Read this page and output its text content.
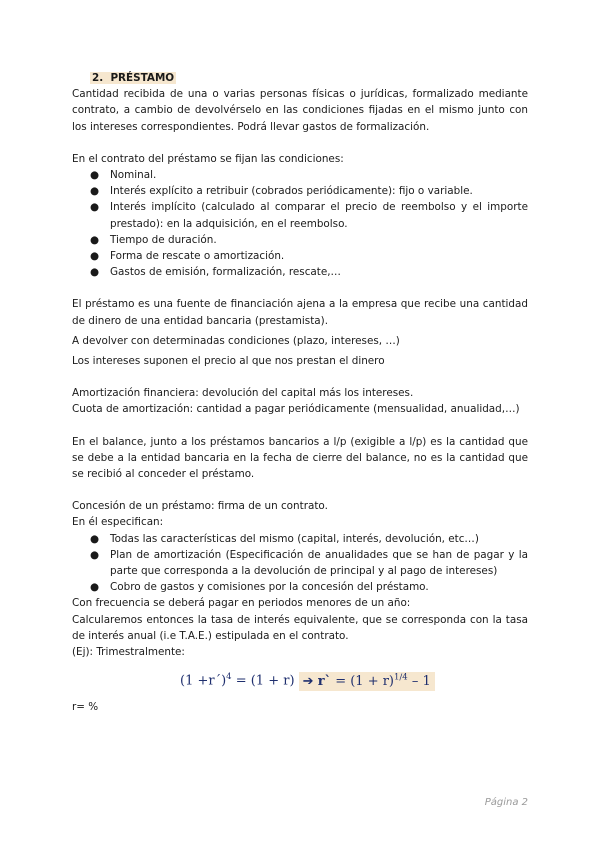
2. PRÉSTAMO

Cantidad recibida de una o varias personas físicas o jurídicas, formalizado mediante contrato, a cambio de devolvérselo en las condiciones fijadas en el mismo junto con los intereses correspondientes. Podrá llevar gastos de formalización.

En el contrato del préstamo se fijan las condiciones:

● Nominal.
● Interés explícito a retribuir (cobrados periódicamente): fijo o variable.
● Interés implícito (calculado al comparar el precio de reembolso y el importe prestado): en la adquisición, en el reembolso.
● Tiempo de duración.
● Forma de rescate o amortización.
● Gastos de emisión, formalización, rescate,…

El préstamo es una fuente de financiación ajena a la empresa que recibe una cantidad de dinero de una entidad bancaria (prestamista).

A devolver con determinadas condiciones (plazo, intereses, …)

Los intereses suponen el precio al que nos prestan el dinero

Amortización financiera: devolución del capital más los intereses.

Cuota de amortización: cantidad a pagar periódicamente (mensualidad, anualidad,…)

En el balance, junto a los préstamos bancarios a l/p (exigible a l/p) es la cantidad que se debe a la entidad bancaria en la fecha de cierre del balance, no es la cantidad que se recibió al conceder el préstamo.

Concesión de un préstamo: firma de un contrato.

En él especifican:

● Todas las características del mismo (capital, interés, devolución, etc…)
● Plan de amortización (Especificación de anualidades que se han de pagar y la parte que corresponda a la devolución de principal y al pago de intereses)
● Cobro de gastos y comisiones por la concesión del préstamo.

Con frecuencia se deberá pagar en periodos menores de un año:

Calcularemos entonces la tasa de interés equivalente, que se corresponda con la tasa de interés anual (i.e T.A.E.) estipulada en el contrato.

(Ej): Trimestralmente:

(1 +r´)$^4$ = (1 + r) ➔ r` = $(1 + r)^{1/4} - 1$

r= %

Página 2
